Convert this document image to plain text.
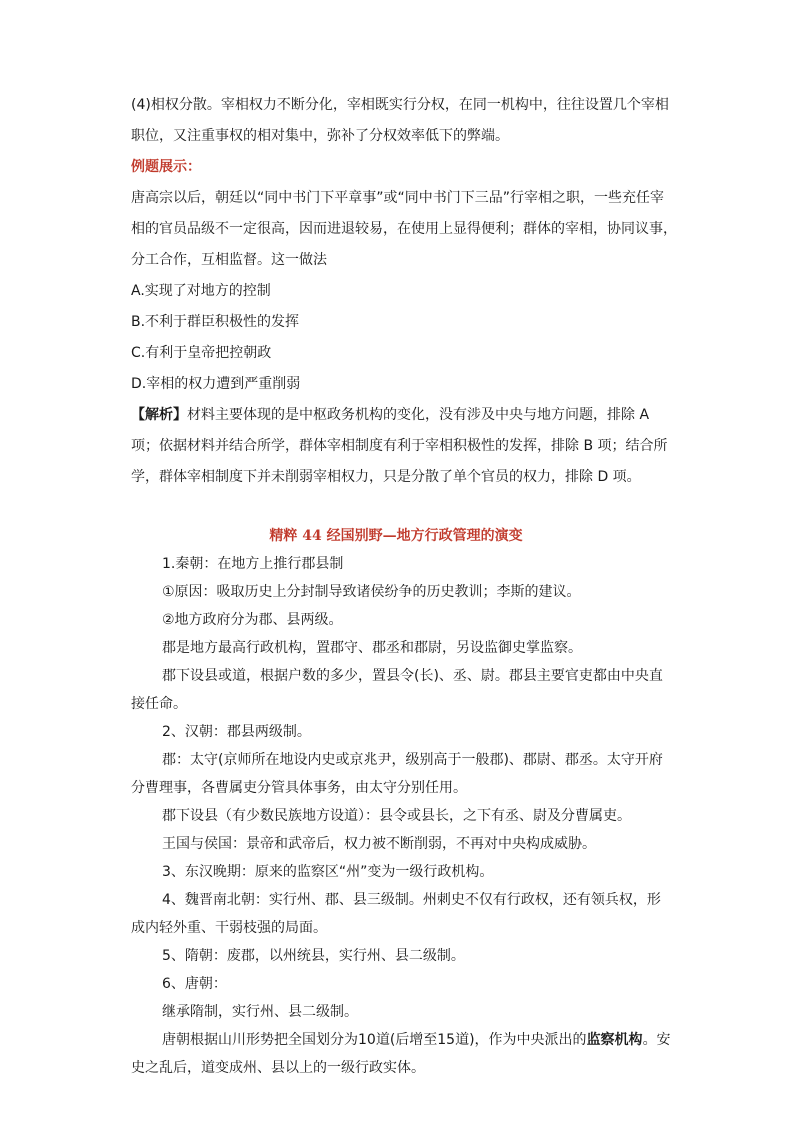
(4)相权分散。宰相权力不断分化，宰相既实行分权，在同一机构中，往往设置几个宰相
职位，又注重事权的相对集中，弥补了分权效率低下的弊端。
例题展示：
唐高宗以后，朝廷以“同中书门下平章事”或“同中书门下三品”行宰相之职，一些充任宰
相的官员品级不一定很高，因而进退较易，在使用上显得便利；群体的宰相，协同议事，
分工合作，互相监督。这一做法
A.实现了对地方的控制
B.不利于群臣积极性的发挥
C.有利于皇帝把控朝政
D.宰相的权力遭到严重削弱
【解析】材料主要体现的是中枢政务机构的变化，没有涉及中央与地方问题，排除 A
项；依据材料并结合所学，群体宰相制度有利于宰相积极性的发挥，排除 B 项；结合所
学，群体宰相制度下并未削弱宰相权力，只是分散了单个官员的权力，排除 D 项。
精粹 44 经国别野—地方行政管理的演变
1.秦朝：在地方上推行郡县制
①原因：吸取历史上分封制导致诸侯纷争的历史教训；李斯的建议。
②地方政府分为郡、县两级。
郡是地方最高行政机构，置郡守、郡丞和郡尉，另设监御史掌监察。
郡下设县或道，根据户数的多少，置县令(长)、丞、尉。郡县主要官吏都由中央直
接任命。
2、汉朝：郡县两级制。
郡：太守(京师所在地设内史或京兆尹，级别高于一般郡)、郡尉、郡丞。太守开府
分曹理事，各曹属吏分管具体事务，由太守分别任用。
郡下设县（有少数民族地方设道）：县令或县长，之下有丞、尉及分曹属吏。
王国与侯国：景帝和武帝后，权力被不断削弱，不再对中央构成威胁。
3、东汉晚期：原来的监察区“州”变为一级行政机构。
4、魏晋南北朝：实行州、郡、县三级制。州刺史不仅有行政权，还有领兵权，形
成内轻外重、干弱枝强的局面。
5、隋朝：废郡，以州统县，实行州、县二级制。
6、唐朝：
继承隋制，实行州、县二级制。
唐朝根据山川形势把全国划分为10道(后增至15道)，作为中央派出的监察机构。安
史之乱后，道变成州、县以上的一级行政实体。
